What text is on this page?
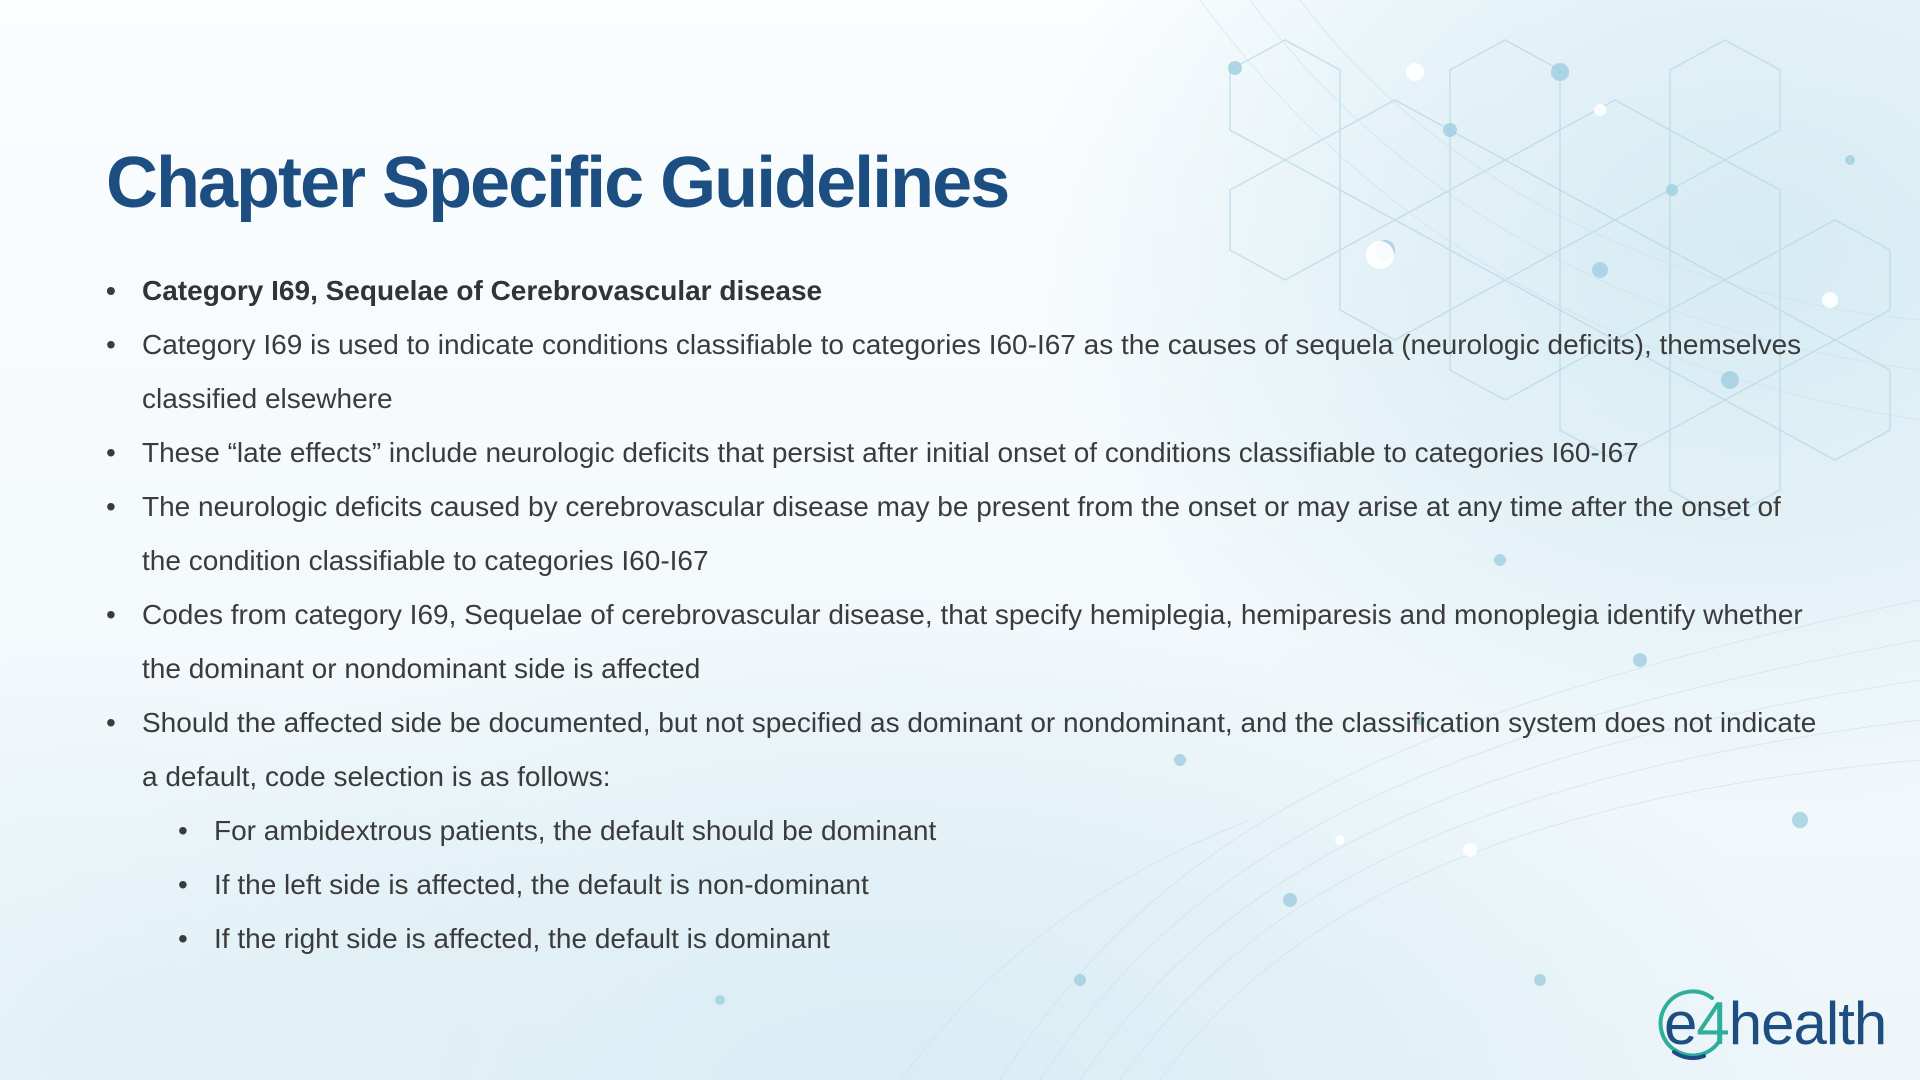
Chapter Specific Guidelines
• Category I69, Sequelae of Cerebrovascular disease
• Category I69 is used to indicate conditions classifiable to categories I60-I67 as the causes of sequela (neurologic deficits), themselves classified elsewhere
• These “late effects” include neurologic deficits that persist after initial onset of conditions classifiable to categories I60-I67
• The neurologic deficits caused by cerebrovascular disease may be present from the onset or may arise at any time after the onset of the condition classifiable to categories I60-I67
• Codes from category I69, Sequelae of cerebrovascular disease, that specify hemiplegia, hemiparesis and monoplegia identify whether the dominant or nondominant side is affected
• Should the affected side be documented, but not specified as dominant or nondominant, and the classification system does not indicate a default, code selection is as follows:
• For ambidextrous patients, the default should be dominant
• If the left side is affected, the default is non-dominant
• If the right side is affected, the default is dominant
e4health
